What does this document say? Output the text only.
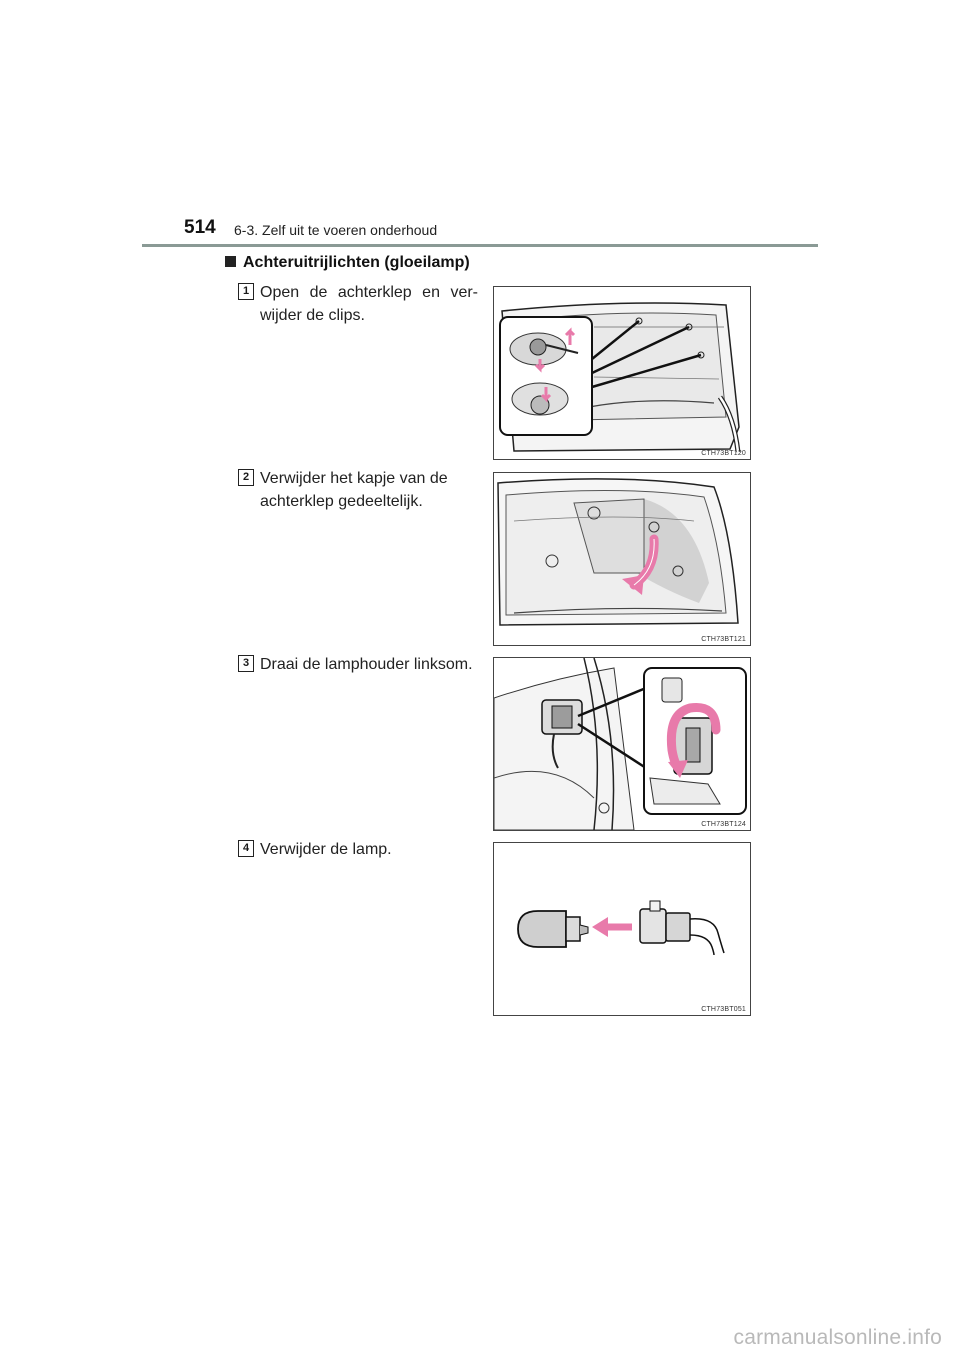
514 6-3. Zelf uit te voeren onderhoud
Achteruitrijlichten (gloeilamp)
1 Open de achterklep en ver- wijder de clips.
CTH73BT120
2 Verwijder het kapje van de achterklep gedeeltelijk.
CTH73BT121
3 Draai de lamphouder linksom.
CTH73BT124
4 Verwijder de lamp.
CTH73BT051
carmanualsonline.info
